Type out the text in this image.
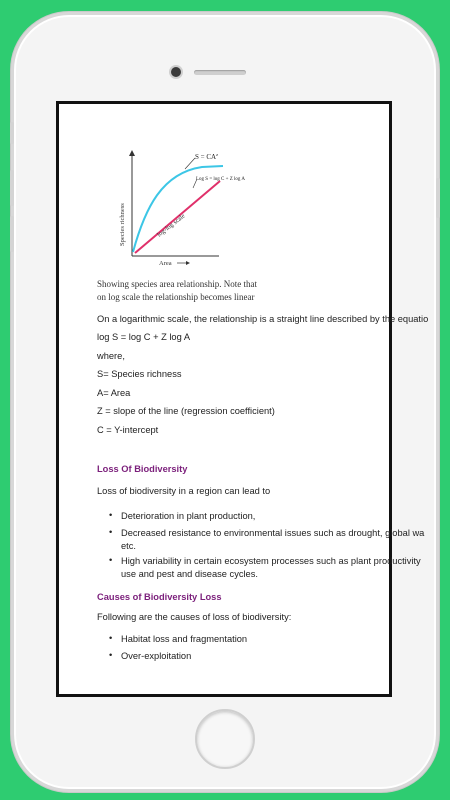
$S = CA^z$
Log S = log C + Z log A
log-log scale
Species richness
Area
Showing species area relationship. Note that
on log scale the relationship becomes linear
On a logarithmic scale, the relationship is a straight line described by the equatio
log S = log C + Z log A
where,
S= Species richness
A= Area
Z = slope of the line (regression coefficient)
C = Y-intercept
Loss Of Biodiversity
Loss of biodiversity in a region can lead to
• Deterioration in plant production,
• Decreased resistance to environmental issues such as drought, global wa
etc.
• High variability in certain ecosystem processes such as plant productivity
use and pest and disease cycles.
Causes of Biodiversity Loss
Following are the causes of loss of biodiversity:
• Habitat loss and fragmentation
• Over-exploitation
